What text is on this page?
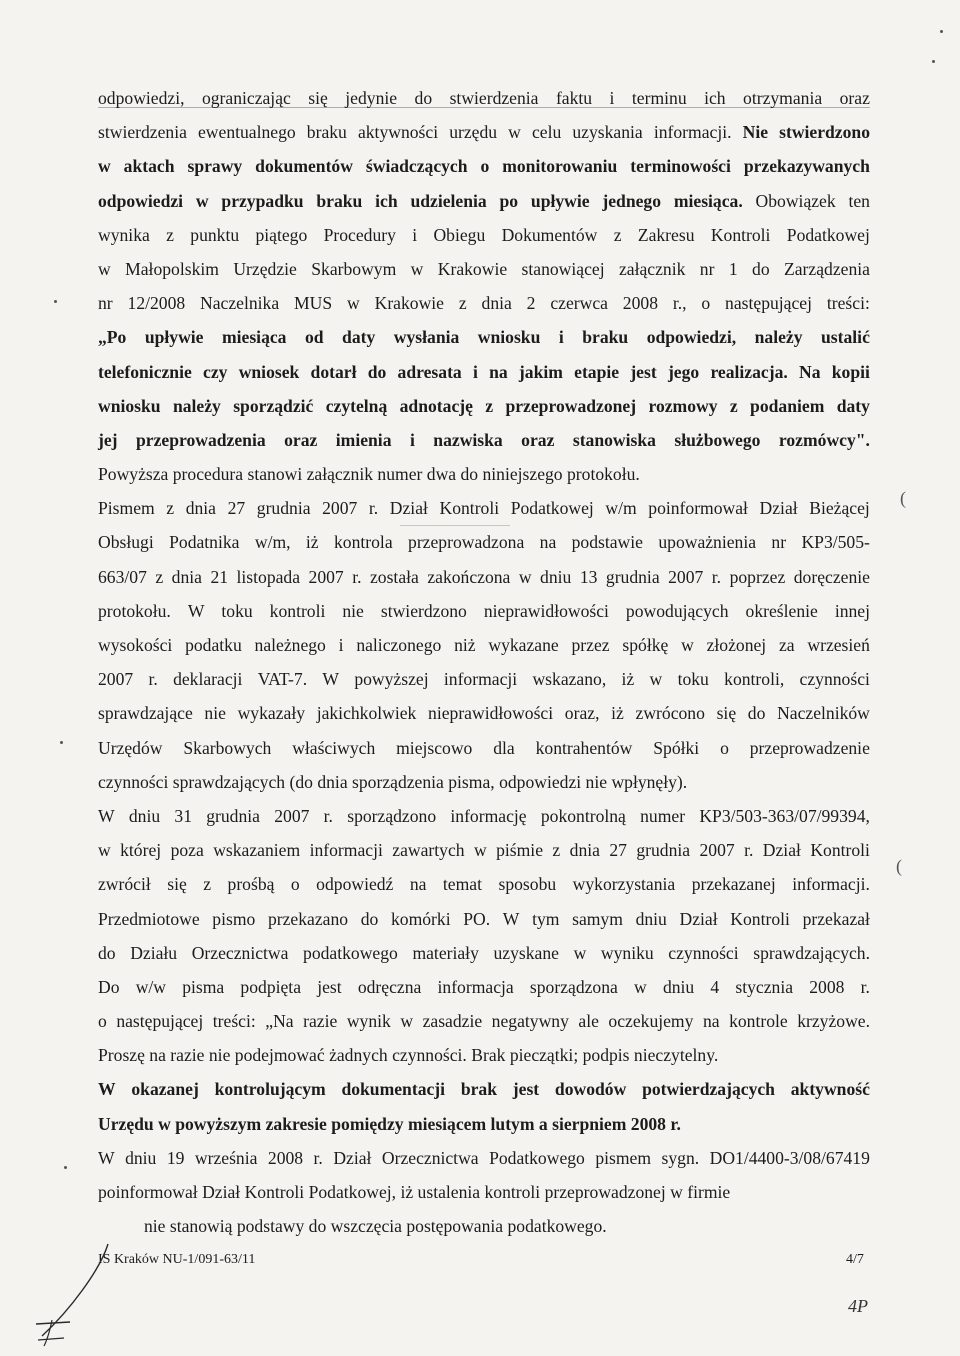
odpowiedzi, ograniczając się jedynie do stwierdzenia faktu i terminu ich otrzymania oraz
stwierdzenia ewentualnego braku aktywności urzędu w celu uzyskania informacji. Nie stwierdzono
w aktach sprawy dokumentów świadczących o monitorowaniu terminowości przekazywanych
odpowiedzi w przypadku braku ich udzielenia po upływie jednego miesiąca. Obowiązek ten
wynika z punktu piątego Procedury i Obiegu Dokumentów z Zakresu Kontroli Podatkowej
w Małopolskim Urzędzie Skarbowym w Krakowie stanowiącej załącznik nr 1 do Zarządzenia
nr 12/2008 Naczelnika MUS w Krakowie z dnia 2 czerwca 2008 r., o następującej treści:
„Po upływie miesiąca od daty wysłania wniosku i braku odpowiedzi, należy ustalić
telefonicznie czy wniosek dotarł do adresata i na jakim etapie jest jego realizacja. Na kopii
wniosku należy sporządzić czytelną adnotację z przeprowadzonej rozmowy z podaniem daty
jej przeprowadzenia oraz imienia i nazwiska oraz stanowiska służbowego rozmówcy".
Powyższa procedura stanowi załącznik numer dwa do niniejszego protokołu.
Pismem z dnia 27 grudnia 2007 r. Dział Kontroli Podatkowej w/m poinformował Dział Bieżącej
Obsługi Podatnika w/m, iż kontrola przeprowadzona na podstawie upoważnienia nr KP3/505-
663/07 z dnia 21 listopada 2007 r. została zakończona w dniu 13 grudnia 2007 r. poprzez doręczenie
protokołu. W toku kontroli nie stwierdzono nieprawidłowości powodujących określenie innej
wysokości podatku należnego i naliczonego niż wykazane przez spółkę w złożonej za wrzesień
2007 r. deklaracji VAT-7. W powyższej informacji wskazano, iż w toku kontroli, czynności
sprawdzające nie wykazały jakichkolwiek nieprawidłowości oraz, iż zwrócono się do Naczelników
Urzędów Skarbowych właściwych miejscowo dla kontrahentów Spółki o przeprowadzenie
czynności sprawdzających (do dnia sporządzenia pisma, odpowiedzi nie wpłynęły).
W dniu 31 grudnia 2007 r. sporządzono informację pokontrolną numer KP3/503-363/07/99394,
w której poza wskazaniem informacji zawartych w piśmie z dnia 27 grudnia 2007 r. Dział Kontroli
zwrócił się z prośbą o odpowiedź na temat sposobu wykorzystania przekazanej informacji.
Przedmiotowe pismo przekazano do komórki PO. W tym samym dniu Dział Kontroli przekazał
do Działu Orzecznictwa podatkowego materiały uzyskane w wyniku czynności sprawdzających.
Do w/w pisma podpięta jest odręczna informacja sporządzona w dniu 4 stycznia 2008 r.
o następującej treści: „Na razie wynik w zasadzie negatywny ale oczekujemy na kontrole krzyżowe.
Proszę na razie nie podejmować żadnych czynności. Brak pieczątki; podpis nieczytelny.
W okazanej kontrolującym dokumentacji brak jest dowodów potwierdzających aktywność
Urzędu w powyższym zakresie pomiędzy miesiącem lutym a sierpniem 2008 r.
W dniu 19 września 2008 r. Dział Orzecznictwa Podatkowego pismem sygn. DO1/4400-3/08/67419
poinformował Dział Kontroli Podatkowej, iż ustalenia kontroli przeprowadzonej w firmie
nie stanowią podstawy do wszczęcia postępowania podatkowego.
IS Kraków NU-1/091-63/11	4/7
4P
(
(
